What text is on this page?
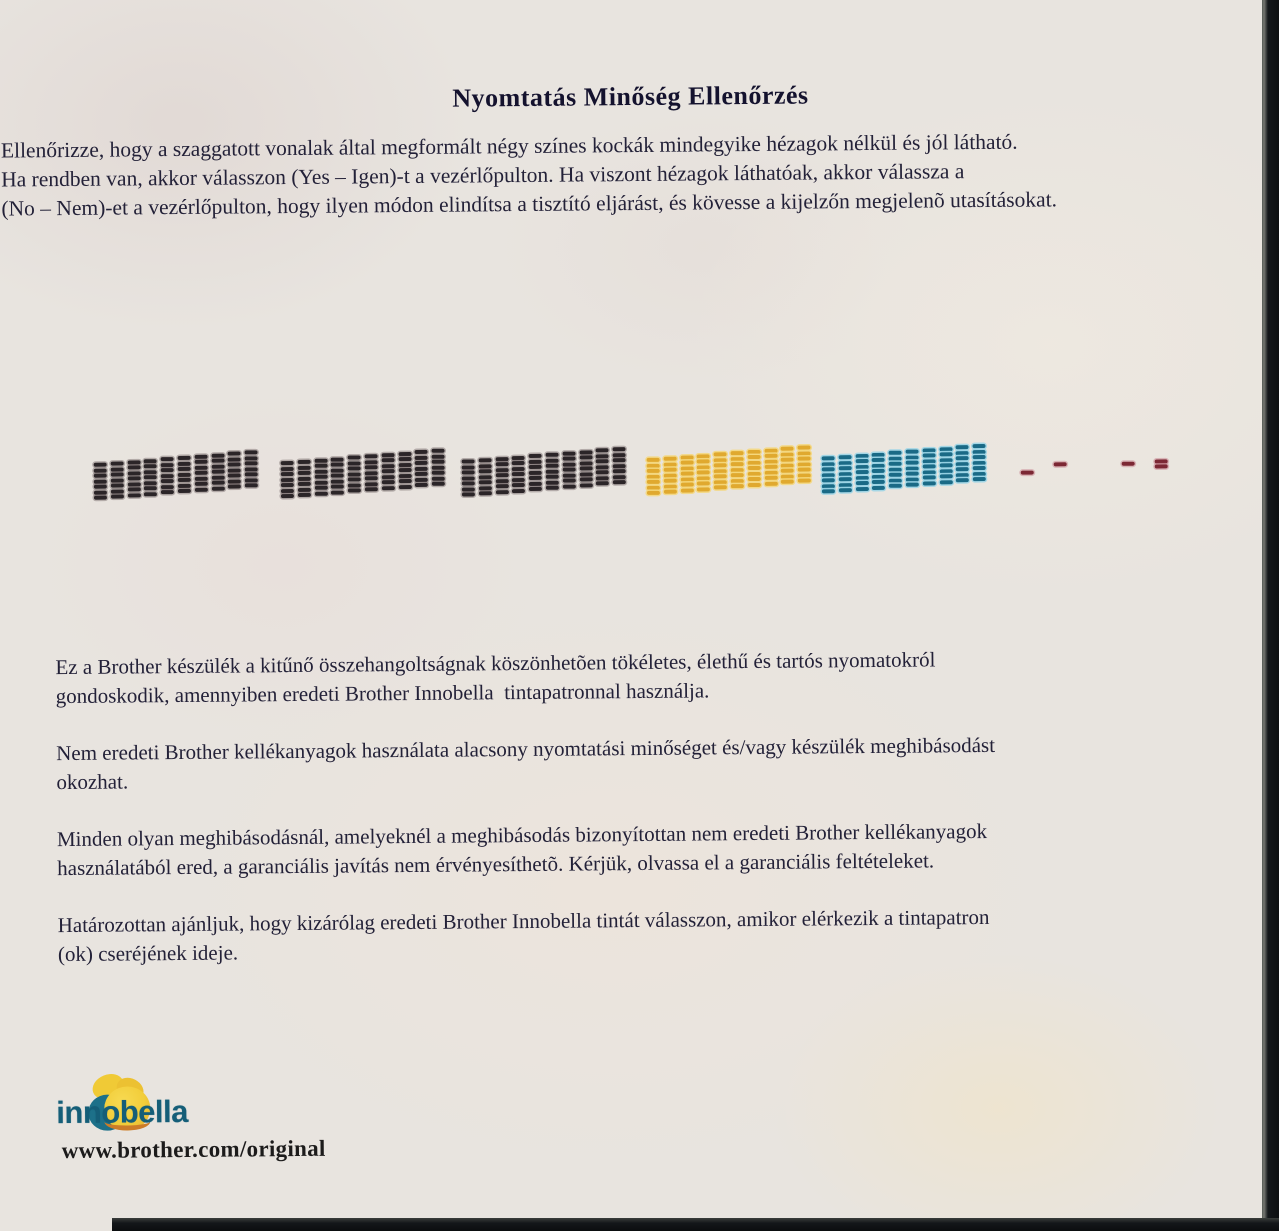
Nyomtatás Minőség Ellenőrzés
Ellenőrizze, hogy a szaggatott vonalak által megformált négy színes kockák mindegyike hézagok nélkül és jól látható.
Ha rendben van, akkor válasszon (Yes – Igen)-t a vezérlőpulton. Ha viszont hézagok láthatóak, akkor válassza a
(No – Nem)-et a vezérlőpulton, hogy ilyen módon elindítsa a tisztító eljárást, és kövesse a kijelzőn megjelenõ utasításokat.
Ez a Brother készülék a kitűnő összehangoltságnak köszönhetõen tökéletes, élethű és tartós nyomatokról
gondoskodik, amennyiben eredeti Brother Innobella  tintapatronnal használja.
Nem eredeti Brother kellékanyagok használata alacsony nyomtatási minőséget és/vagy készülék meghibásodást
okozhat.
Minden olyan meghibásodásnál, amelyeknél a meghibásodás bizonyítottan nem eredeti Brother kellékanyagok
használatából ered, a garanciális javítás nem érvényesíthetõ. Kérjük, olvassa el a garanciális feltételeket.
Határozottan ajánljuk, hogy kizárólag eredeti Brother Innobella tintát válasszon, amikor elérkezik a tintapatron
(ok) cseréjének ideje.
innobella
www.brother.com/original
